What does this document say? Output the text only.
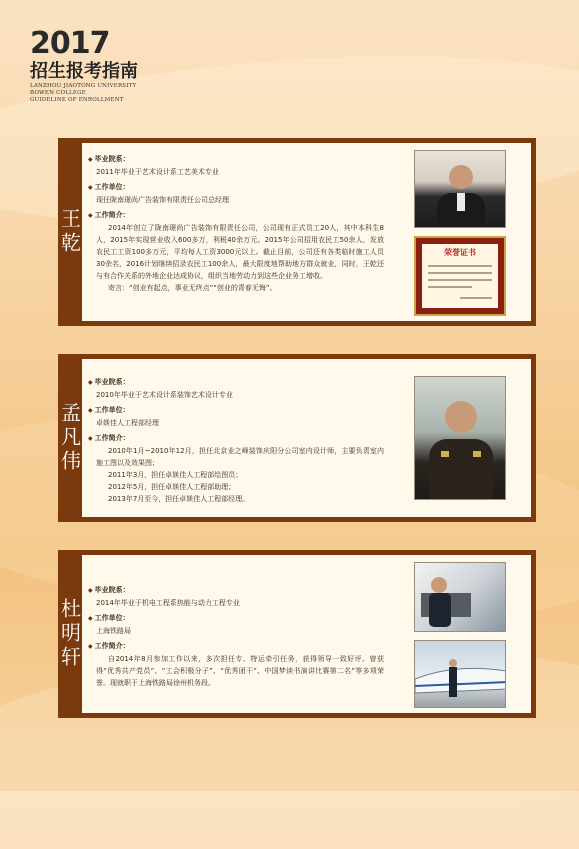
2017
招生报考指南
LANZHOU JIAOTONG UNIVERSITY
BOWEN COLLEGE
GUIDELINE OF ENROLLMENT
王乾
◆ 毕业院系：
2011年毕业于艺术设计系工艺美术专业
◆ 工作单位：
现任陇南璟尚广告装饰有限责任公司总经理
◆ 工作简介：
2014年创立了陇南璟尚广告装饰有限责任公司，公司现有正式员工20人，其中本科生8人，2015年实现营业收入600多万，利税40余万元。2015年公司招用农民工50余人，发放农民工工资100多万元，平均每人工资3000元以上。截止目前，公司还有各类临时施工人员30余名，2016计划继续招录农民工100余人，最大限度地帮助地方群众就业，同时，王乾还与有合作关系的外地企业达成协议，组织当地劳动力到这些企业务工增收。
寄言：“创业有起点，事业无终点”“创业的青春无悔”。
荣誉证书
孟凡伟
◆ 毕业院系：
2010年毕业于艺术设计系装饰艺术设计专业
◆ 工作单位：
卓媄佳人工程部经理
◆ 工作简介：
2010年1月~2010年12月，担任北京业之峰装饰庆阳分公司室内设计师，主要负责室内施工图以及效果图；
2011年3月，担任卓媄佳人工程部绘图员；
2012年5月，担任卓媄佳人工程部助理；
2013年7月至今，担任卓媄佳人工程部经理。
杜明轩
◆ 毕业院系：
2014年毕业于机电工程系热能与动力工程专业
◆ 工作单位：
上海铁路局
◆ 工作简介：
自2014年8月参加工作以来，多次担任专、特运牵引任务，获得领导一致好评。曾获得“优秀共产党员”、“工会积极分子”、“优秀团干”、中国梦读书演讲比赛第二名”等多项荣誉。现就职于上海铁路局徐州机务段。
